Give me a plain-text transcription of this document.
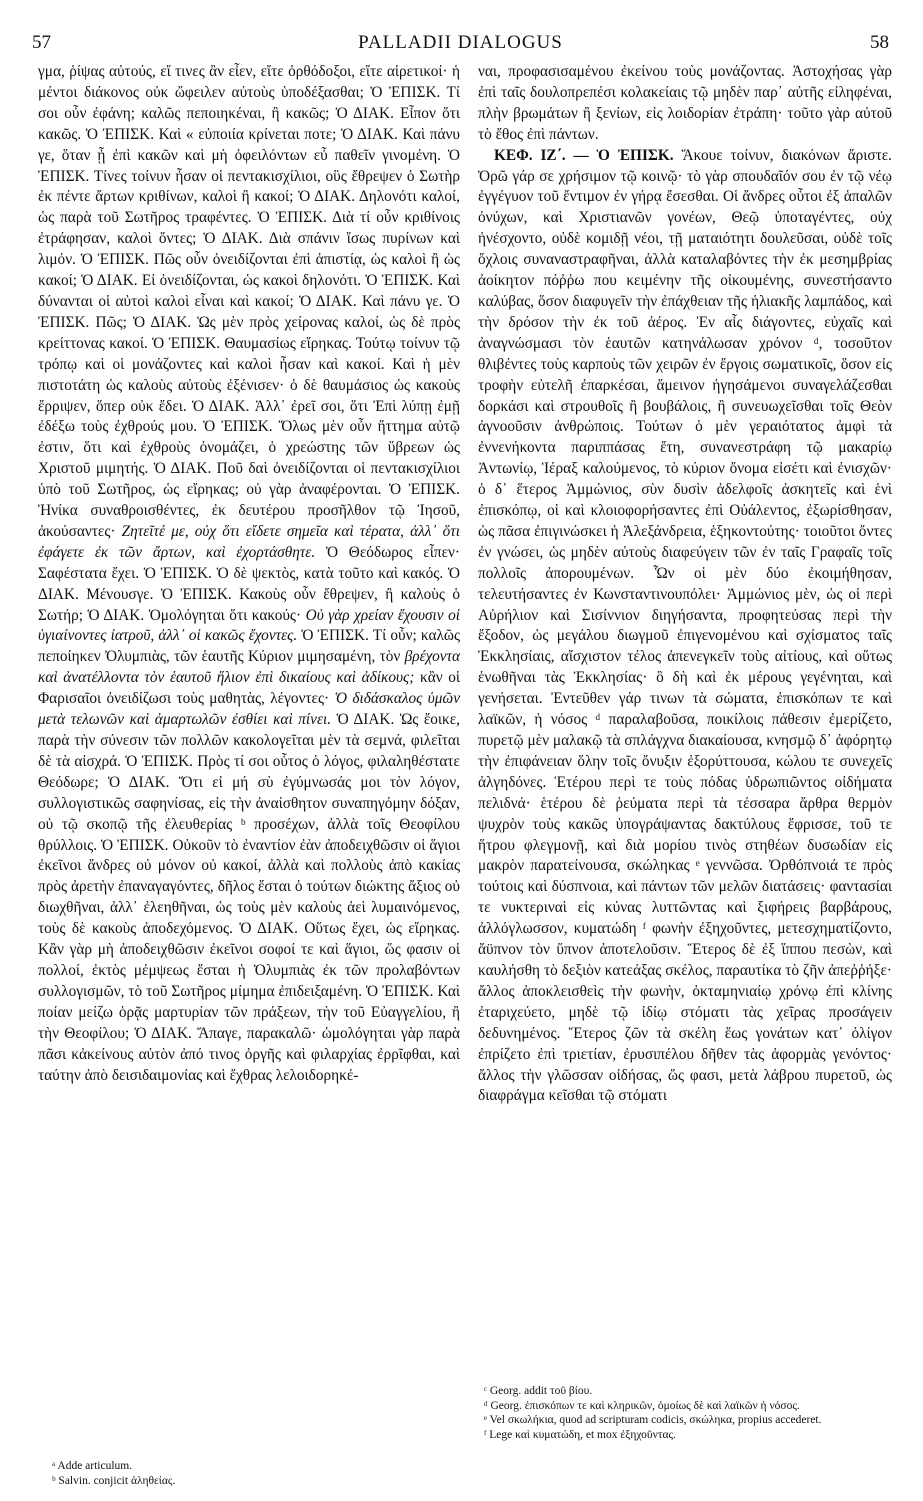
57	PALLADII DIALOGUS	58

γμα, ῥίψας αὐτούς, εἴ τινες ἂν εἶεν, εἴτε ὀρθόδοξοι, εἴτε αἱρετικοί· ἡ μέντοι διάκονος οὐκ ὤφειλεν αὐτοὺς ὑποδέξασθαι; Ὁ ἘΠΙΣΚ. Τί σοι οὖν ἐφάνη; καλῶς πεποιηκέναι, ἢ κακῶς; Ὁ ΔΙΑΚ. Εἶπον ὅτι κακῶς. Ὁ ἘΠΙΣΚ. Καὶ « εὐποιία κρίνεται ποτε; Ὁ ΔΙΑΚ. Καὶ πάνυ γε, ὅταν ᾖ ἐπὶ κακῶν καὶ μὴ ὀφειλόντων εὖ παθεῖν γινομένη. Ὁ ἘΠΙΣΚ. Τίνες τοίνυν ἦσαν οἱ πεντακισχίλιοι, οὓς ἔθρεψεν ὁ Σωτὴρ ἐκ πέντε ἄρτων κριθίνων, καλοὶ ἢ κακοί; Ὁ ΔΙΑΚ. Δηλονότι καλοί, ὡς παρὰ τοῦ Σωτῆρος τραφέντες. Ὁ ἘΠΙΣΚ. Διὰ τί οὖν κριθίνοις ἐτράφησαν, καλοὶ ὄντες; Ὁ ΔΙΑΚ. Διὰ σπάνιν ἴσως πυρίνων καὶ λιμόν. Ὁ ἘΠΙΣΚ. Πῶς οὖν ὀνειδίζονται ἐπὶ ἀπιστίᾳ, ὡς καλοὶ ἢ ὡς κακοί; Ὁ ΔΙΑΚ. Εἰ ὀνειδίζονται, ὡς κακοὶ δηλονότι. Ὁ ἘΠΙΣΚ. Καὶ δύνανται οἱ αὐτοὶ καλοὶ εἶναι καὶ κακοί; Ὁ ΔΙΑΚ. Καὶ πάνυ γε. Ὁ ἘΠΙΣΚ. Πῶς; Ὁ ΔΙΑΚ. Ὡς μὲν πρὸς χείρονας καλοί, ὡς δὲ πρὸς κρείττονας κακοί. Ὁ ἘΠΙΣΚ. Θαυμασίως εἴρηκας. Τούτῳ τοίνυν τῷ τρόπῳ καὶ οἱ μονάζοντες καὶ καλοὶ ἦσαν καὶ κακοί. Καὶ ἡ μὲν πιστοτάτη ὡς καλοὺς αὐτοὺς ἐξένισεν· ὁ δὲ θαυμάσιος ὡς κακοὺς ἔρριψεν, ὅπερ οὐκ ἔδει. Ὁ ΔΙΑΚ. Ἀλλ᾽ ἐρεῖ σοι, ὅτι Ἐπὶ λύπῃ ἐμῇ ἐδέξω τοὺς ἐχθρούς μου. Ὁ ἘΠΙΣΚ. Ὅλως μὲν οὖν ἥττημα αὐτῷ ἐστιν, ὅτι καὶ ἐχθροὺς ὀνομάζει, ὁ χρεώστης τῶν ὕβρεων ὡς Χριστοῦ μιμητής. Ὁ ΔΙΑΚ. Ποῦ δαὶ ὀνειδίζονται οἱ πεντακισχίλιοι ὑπὸ τοῦ Σωτῆρος, ὡς εἴρηκας; οὐ γὰρ ἀναφέρονται. Ὁ ἘΠΙΣΚ. Ἡνίκα συναθροισθέντες, ἐκ δευτέρου προσῆλθον τῷ Ἰησοῦ, ἀκούσαντες· Ζητεῖτέ με, οὐχ ὅτι εἴδετε σημεῖα καὶ τέρατα, ἀλλ᾽ ὅτι ἐφάγετε ἐκ τῶν ἄρτων, καὶ ἐχορτάσθητε. Ὁ Θεόδωρος εἶπεν· Σαφέστατα ἔχει. Ὁ ἘΠΙΣΚ. Ὁ δὲ ψεκτὸς, κατὰ τοῦτο καὶ κακός. Ὁ ΔΙΑΚ. Μένουσγε. Ὁ ἘΠΙΣΚ. Κακοὺς οὖν ἔθρεψεν, ἢ καλοὺς ὁ Σωτήρ; Ὁ ΔΙΑΚ. Ὁμολόγηται ὅτι κακούς· Οὐ γὰρ χρείαν ἔχουσιν οἱ ὑγιαίνοντες ἰατροῦ, ἀλλ᾽ οἱ κακῶς ἔχοντες. Ὁ ἘΠΙΣΚ. Τί οὖν; καλῶς πεποίηκεν Ὀλυμπιὰς, τῶν ἑαυτῆς Κύριον μιμησαμένη, τὸν βρέχοντα καὶ ἀνατέλλοντα τὸν ἑαυτοῦ ἥλιον ἐπὶ δικαίους καὶ ἀδίκους; κἂν οἱ Φαρισαῖοι ὀνειδίζωσι τοὺς μαθητὰς, λέγοντες· Ὁ διδάσκαλος ὑμῶν μετὰ τελωνῶν καὶ ἁμαρτωλῶν ἐσθίει καὶ πίνει. Ὁ ΔΙΑΚ. Ὡς ἔοικε, παρὰ τὴν σύνεσιν τῶν πολλῶν κακολογεῖται μὲν τὰ σεμνά, φιλεῖται δὲ τὰ αἰσχρά. Ὁ ἘΠΙΣΚ. Πρὸς τί σοι οὗτος ὁ λόγος, φιλαληθέστατε Θεόδωρε; Ὁ ΔΙΑΚ. Ὅτι εἰ μή σὺ ἐγύμνωσάς μοι τὸν λόγον, συλλογιστικῶς σαφηνίσας, εἰς τὴν ἀναίσθητον συναπηγόμην δόξαν, οὐ τῷ σκοπῷ τῆς ἐλευθερίας ᵇ προσέχων, ἀλλὰ τοῖς Θεοφίλου θρύλλοις. Ὁ ἘΠΙΣΚ. Οὐκοῦν τὸ ἐναντίον ἐὰν ἀποδειχθῶσιν οἱ ἅγιοι ἐκεῖνοι ἄνδρες οὐ μόνον οὐ κακοί, ἀλλὰ καὶ πολλοὺς ἀπὸ κακίας πρὸς ἀρετὴν ἐπαναγαγόντες, δῆλος ἔσται ὁ τούτων διώκτης ἄξιος οὐ διωχθῆναι, ἀλλ᾽ ἐλεηθῆναι, ὡς τοὺς μὲν καλοὺς ἀεὶ λυμαινόμενος, τοὺς δὲ κακοὺς ἀποδεχόμενος. Ὁ ΔΙΑΚ. Οὕτως ἔχει, ὡς εἴρηκας. Κἂν γὰρ μὴ ἀποδειχθῶσιν ἐκεῖνοι σοφοί τε καὶ ἅγιοι, ὥς φασιν οἱ πολλοί, ἐκτὸς μέμψεως ἔσται ἡ Ὀλυμπιὰς ἐκ τῶν προλαβόντων συλλογισμῶν, τὸ τοῦ Σωτῆρος μίμημα ἐπιδειξαμένη. Ὁ ἘΠΙΣΚ. Καὶ ποίαν μείζω ὁρᾷς μαρτυρίαν τῶν πράξεων, τὴν τοῦ Εὐαγγελίου, ἢ τὴν Θεοφίλου; Ὁ ΔΙΑΚ. Ἄπαγε, παρακαλῶ· ὡμολόγηται γὰρ παρὰ πᾶσι κἀκείνους αὐτὸν ἀπό τινος ὀργῆς καὶ φιλαρχίας ἐρρῖφθαι, καὶ ταύτην ἀπὸ δεισιδαιμονίας καὶ ἔχθρας λελοιδορηκέ-

ναι, προφασισαμένου ἐκείνου τοὺς μονάζοντας. Ἀστοχήσας γὰρ ἐπὶ ταῖς δουλοπρεπέσι κολακείαις τῷ μηδὲν παρ᾽ αὐτῆς εἰληφέναι, πλὴν βρωμάτων ἢ ξενίων, εἰς λοιδορίαν ἐτράπη· τοῦτο γὰρ αὐτοῦ τὸ ἔθος ἐπὶ πάντων.

ΚΕΦ. ΙΖ΄. — Ὁ ἘΠΙΣΚ. Ἄκουε τοίνυν, διακόνων ἄριστε. Ὁρῶ γάρ σε χρήσιμον τῷ κοινῷ· τὸ γὰρ σπουδαῖόν σου ἐν τῷ νέῳ ἐγγέγυον τοῦ ἔντιμον ἐν γήρᾳ ἔσεσθαι. Οἱ ἄνδρες οὗτοι ἐξ ἁπαλῶν ὀνύχων, καὶ Χριστιανῶν γονέων, Θεῷ ὑποταγέντες, οὐχ ἠνέσχοντο, οὐδὲ κομιδῇ νέοι, τῇ ματαιότητι δουλεῦσαι, οὐδὲ τοῖς ὄχλοις συναναστραφῆναι, ἀλλὰ καταλαβόντες τὴν ἐκ μεσημβρίας ἀοίκητον πόῤῥω που κειμένην τῆς οἰκουμένης, συνεστήσαντο καλύβας, ὅσον διαφυγεῖν τὴν ἐπάχθειαν τῆς ἡλιακῆς λαμπάδος, καὶ τὴν δρόσον τὴν ἐκ τοῦ ἀέρος. Ἐν αἷς διάγοντες, εὐχαῖς καὶ ἀναγνώσμασι τὸν ἑαυτῶν κατηνάλωσαν χρόνον ᵈ, τοσοῦτον θλιβέντες τοὺς καρποὺς τῶν χειρῶν ἐν ἔργοις σωματικοῖς, ὅσον εἰς τροφὴν εὐτελῆ ἐπαρκέσαι, ἄμεινον ἡγησάμενοι συναγελάζεσθαι δορκάσι καὶ στρουθοῖς ἢ βουβάλοις, ἢ συνευωχεῖσθαι τοῖς Θεὸν ἀγνοοῦσιν ἀνθρώποις. Τούτων ὁ μὲν γεραιότατος ἀμφὶ τὰ ἐννενήκοντα παριππάσας ἔτη, συνανεστράφη τῷ μακαρίῳ Ἀντωνίῳ, Ἱέραξ καλούμενος, τὸ κύριον ὄνομα εἰσέτι καὶ ἐνισχῶν· ὁ δ᾽ ἕτερος Ἀμμώνιος, σὺν δυσὶν ἀδελφοῖς ἀσκητεῖς καὶ ἑνὶ ἐπισκόπῳ, οἱ καὶ κλοιοφορήσαντες ἐπὶ Οὐάλεντος, ἐξωρίσθησαν, ὡς πᾶσα ἐπιγινώσκει ἡ Ἀλεξάνδρεια, ἑξηκοντούτης· τοιοῦτοι ὄντες ἐν γνώσει, ὡς μηδὲν αὐτοὺς διαφεύγειν τῶν ἐν ταῖς Γραφαῖς τοῖς πολλοῖς ἀπορουμένων. Ὧν οἱ μὲν δύο ἐκοιμήθησαν, τελευτήσαντες ἐν Κωνσταντινουπόλει· Ἀμμώνιος μὲν, ὡς οἱ περὶ Αὐρήλιον καὶ Σισίννιον διηγήσαντα, προφητεύσας περὶ τὴν ἔξοδον, ὡς μεγάλου διωγμοῦ ἐπιγενομένου καὶ σχίσματος ταῖς Ἐκκλησίαις, αἴσχιστον τέλος ἀπενεγκεῖν τοὺς αἰτίους, καὶ οὕτως ἑνωθῆναι τὰς Ἐκκλησίας· ὃ δὴ καὶ ἐκ μέρους γεγένηται, καὶ γενήσεται. Ἐντεῦθεν γάρ τινων τὰ σώματα, ἐπισκόπων τε καὶ λαϊκῶν, ἡ νόσος ᵈ παραλαβοῦσα, ποικίλοις πάθεσιν ἐμερίζετο, πυρετῷ μὲν μαλακῷ τὰ σπλάγχνα διακαίουσα, κνησμῷ δ᾽ ἀφόρητῳ τὴν ἐπιφάνειαν ὅλην τοῖς ὄνυξιν ἐξορύττουσα, κώλου τε συνεχεῖς ἀλγηδόνες. Ἑτέρου περὶ τε τοὺς πόδας ὑδρωπιῶντος οἰδήματα πελιδνά· ἑτέρου δὲ ῥεύματα περὶ τὰ τέσσαρα ἄρθρα θερμὸν ψυχρὸν τοὺς κακῶς ὑπογράψαντας δακτύλους ἔφρισσε, τοῦ τε ἥτρου φλεγμονῇ, καὶ διὰ μορίου τινὸς στηθέων δυσωδίαν εἰς μακρὸν παρατείνουσα, σκώληκας ᵉ γεννῶσα. Ὀρθόπνοιά τε πρὸς τούτοις καὶ δύσπνοια, καὶ πάντων τῶν μελῶν διατάσεις· φαντασίαι τε νυκτεριναὶ εἰς κύνας λυττῶντας καὶ ξιφήρεις βαρβάρους, ἀλλόγλωσσον, κυματώδη ᶠ φωνὴν ἐξηχοῦντες, μετεσχηματίζοντο, ἄϋπνον τὸν ὕπνον ἀποτελοῦσιν. Ἕτερος δὲ ἐξ ἵππου πεσὼν, καὶ καυλήσθη τὸ δεξιὸν κατεάξας σκέλος, παραυτίκα τὸ ζῆν ἀπεῤῥήξε· ἄλλος ἀποκλεισθεὶς τὴν φωνὴν, ὀκταμηνιαίῳ χρόνῳ ἐπὶ κλίνης ἐταριχεύετο, μηδὲ τῷ ἰδίῳ στόματι τὰς χεῖρας προσάγειν δεδυνημένος. Ἕτερος ζῶν τὰ σκέλη ἕως γονάτων κατ᾽ ὀλίγον ἐπρίζετο ἐπὶ τριετίαν, ἐρυσιπέλου δῆθεν τὰς ἀφορμὰς γενόντος· ἄλλος τὴν γλῶσσαν οἰδήσας, ὥς φασι, μετὰ λάβρου πυρετοῦ, ὡς διαφράγμα κεῖσθαι τῷ στόματι

ᵃ Adde articulum.
ᵇ Salvin. conjicit ἀληθείας.
ᶜ Georg. addit τοῦ βίου.
ᵈ Georg. ἐπισκόπων τε καὶ κληρικῶν, ὁμοίως δὲ καὶ λαϊκῶν ἡ νόσος.
ᵉ Vel σκωλήκια, quod ad scripturam codicis, σκώληκα, propius accederet.
ᶠ Lege καὶ κυματώδη, et mox ἐξηχοῦντας.
